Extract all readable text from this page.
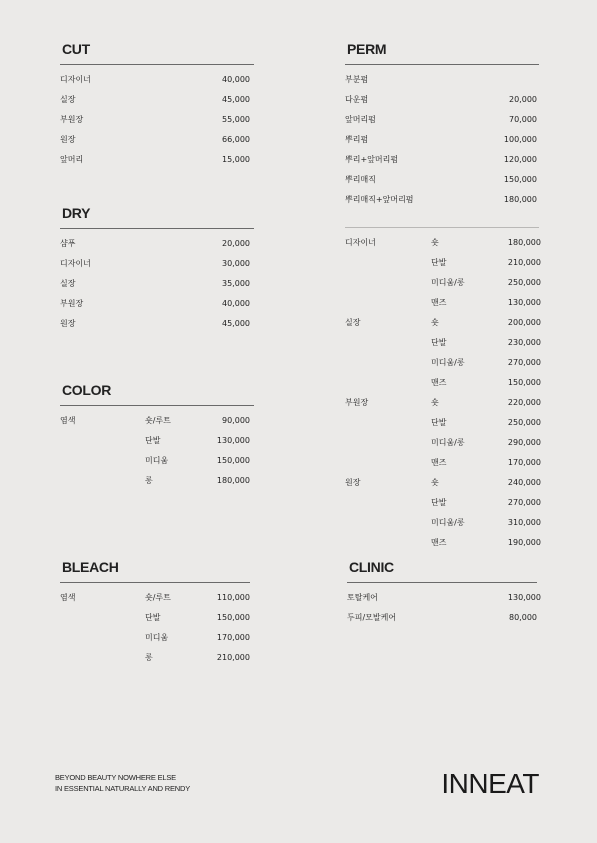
CUT
디자이너	40,000
실장	45,000
부원장	55,000
원장	66,000
앞머리	15,000
DRY
샴푸	20,000
디자이너	30,000
실장	35,000
부원장	40,000
원장	45,000
COLOR
염색	숏/루트	90,000
단발	130,000
미디움	150,000
롱	180,000
BLEACH
염색	숏/루트	110,000
단발	150,000
미디움	170,000
롱	210,000
PERM
부분펌
다운펌	20,000
앞머리펌	70,000
뿌리펌	100,000
뿌리+앞머리펌	120,000
뿌리매직	150,000
뿌리매직+앞머리펌	180,000
디자이너	숏	180,000
단발	210,000
미디움/롱	250,000
맨즈	130,000
실장	숏	200,000
단발	230,000
미디움/롱	270,000
맨즈	150,000
부원장	숏	220,000
단발	250,000
미디움/롱	290,000
맨즈	170,000
원장	숏	240,000
단발	270,000
미디움/롱	310,000
맨즈	190,000
CLINIC
토탈케어	130,000
두피/모발케어	80,000
BEYOND BEAUTY NOWHERE ELSE
IN ESSENTIAL NATURALLY AND RENDY	INNEAT
